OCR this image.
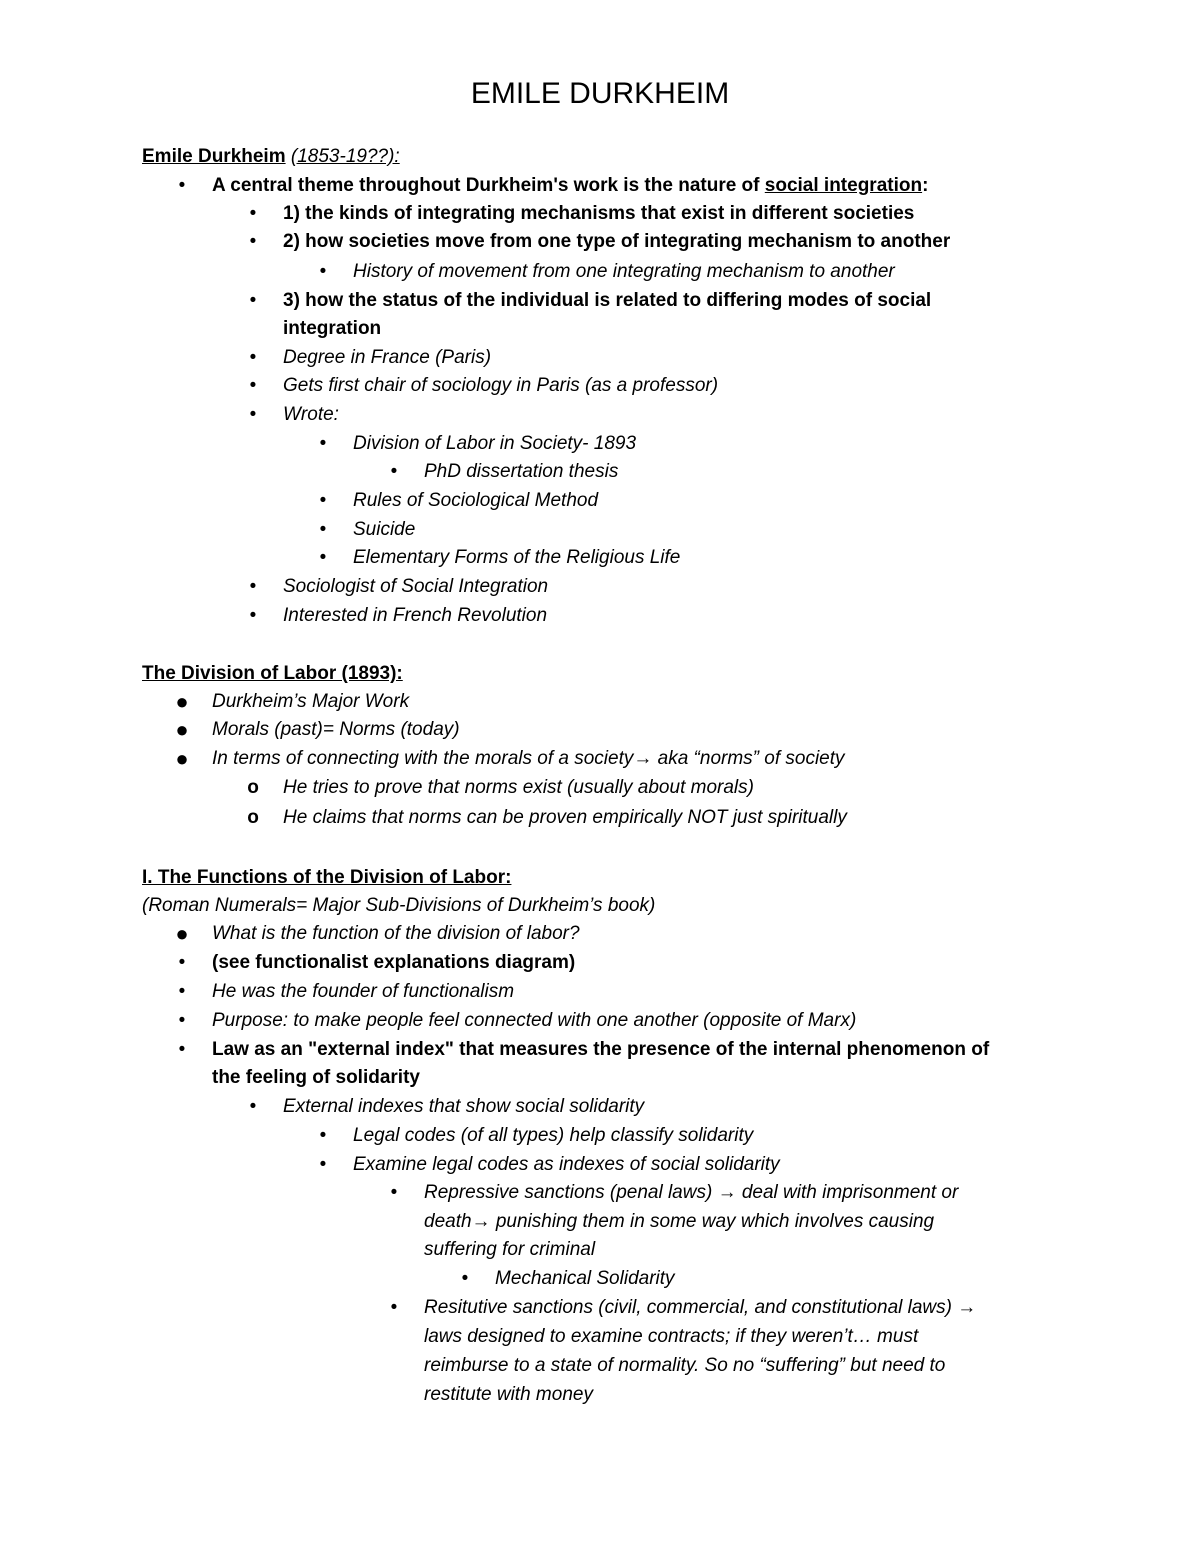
EMILE DURKHEIM
Emile Durkheim (1853-19??):
•	A central theme throughout Durkheim's work is the nature of social integration:
•	1) the kinds of integrating mechanisms that exist in different societies
•	2) how societies move from one type of integrating mechanism to another
•	History of movement from one integrating mechanism to another
•	3) how the status of the individual is related to differing modes of social
integration
•	Degree in France (Paris)
•	Gets first chair of sociology in Paris (as a professor)
•	Wrote:
•	Division of Labor in Society- 1893
•	PhD dissertation thesis
•	Rules of Sociological Method
•	Suicide
•	Elementary Forms of the Religious Life
•	Sociologist of Social Integration
•	Interested in French Revolution
The Division of Labor (1893):
● Durkheim’s Major Work
● Morals (past)= Norms (today)
● In terms of connecting with the morals of a society→ aka “norms” of society
o He tries to prove that norms exist (usually about morals)
o He claims that norms can be proven empirically NOT just spiritually
I. The Functions of the Division of Labor:
(Roman Numerals= Major Sub-Divisions of Durkheim’s book)
● What is the function of the division of labor?
•	(see functionalist explanations diagram)
•	He was the founder of functionalism
•	Purpose: to make people feel connected with one another (opposite of Marx)
•	Law as an "external index" that measures the presence of the internal phenomenon of
the feeling of solidarity
•	External indexes that show social solidarity
•	Legal codes (of all types) help classify solidarity
•	Examine legal codes as indexes of social solidarity
•	Repressive sanctions (penal laws) → deal with imprisonment or
death→ punishing them in some way which involves causing
suffering for criminal
•	Mechanical Solidarity
•	Resitutive sanctions (civil, commercial, and constitutional laws) →
laws designed to examine contracts; if they weren’t… must
reimburse to a state of normality. So no “suffering” but need to
restitute with money
